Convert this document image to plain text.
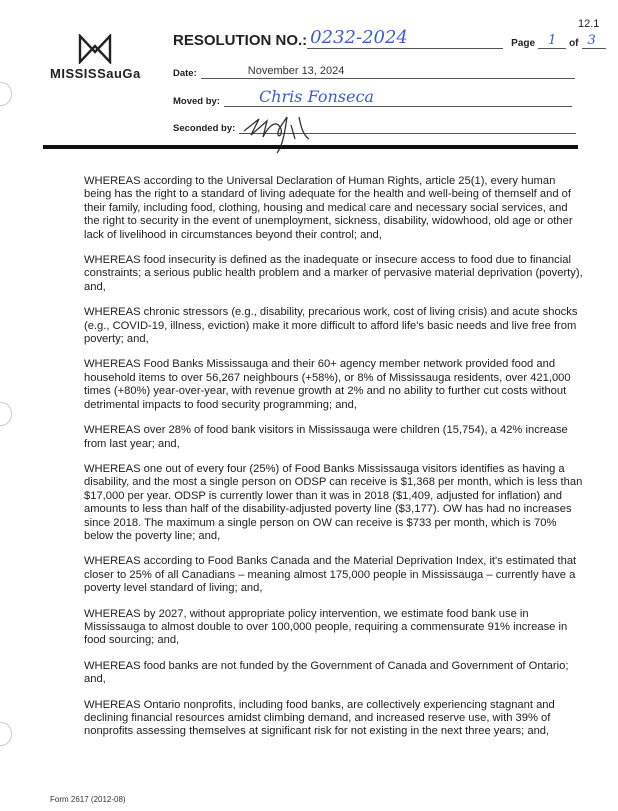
12.1
MISSISSauGa
RESOLUTION NO.: 0232-2024	Page 1 of 3
Date:	November 13, 2024
Moved by: Chris Fonseca
Seconded by:

WHEREAS according to the Universal Declaration of Human Rights, article 25(1), every human being has the right to a standard of living adequate for the health and well-being of themself and of their family, including food, clothing, housing and medical care and necessary social services, and the right to security in the event of unemployment, sickness, disability, widowhood, old age or other lack of livelihood in circumstances beyond their control; and,

WHEREAS food insecurity is defined as the inadequate or insecure access to food due to financial constraints; a serious public health problem and a marker of pervasive material deprivation (poverty), and,

WHEREAS chronic stressors (e.g., disability, precarious work, cost of living crisis) and acute shocks (e.g., COVID-19, illness, eviction) make it more difficult to afford life's basic needs and live free from poverty; and,

WHEREAS Food Banks Mississauga and their 60+ agency member network provided food and household items to over 56,267 neighbours (+58%), or 8% of Mississauga residents, over 421,000 times (+80%) year-over-year, with revenue growth at 2% and no ability to further cut costs without detrimental impacts to food security programming; and,

WHEREAS over 28% of food bank visitors in Mississauga were children (15,754), a 42% increase from last year; and,

WHEREAS one out of every four (25%) of Food Banks Mississauga visitors identifies as having a disability, and the most a single person on ODSP can receive is $1,368 per month, which is less than $17,000 per year. ODSP is currently lower than it was in 2018 ($1,409, adjusted for inflation) and amounts to less than half of the disability-adjusted poverty line ($3,177). OW has had no increases since 2018. The maximum a single person on OW can receive is $733 per month, which is 70% below the poverty line; and,

WHEREAS according to Food Banks Canada and the Material Deprivation Index, it's estimated that closer to 25% of all Canadians – meaning almost 175,000 people in Mississauga – currently have a poverty level standard of living; and,

WHEREAS by 2027, without appropriate policy intervention, we estimate food bank use in Mississauga to almost double to over 100,000 people, requiring a commensurate 91% increase in food sourcing; and,

WHEREAS food banks are not funded by the Government of Canada and Government of Ontario; and,

WHEREAS Ontario nonprofits, including food banks, are collectively experiencing stagnant and declining financial resources amidst climbing demand, and increased reserve use, with 39% of nonprofits assessing themselves at significant risk for not existing in the next three years; and,

Form 2617 (2012-08)
